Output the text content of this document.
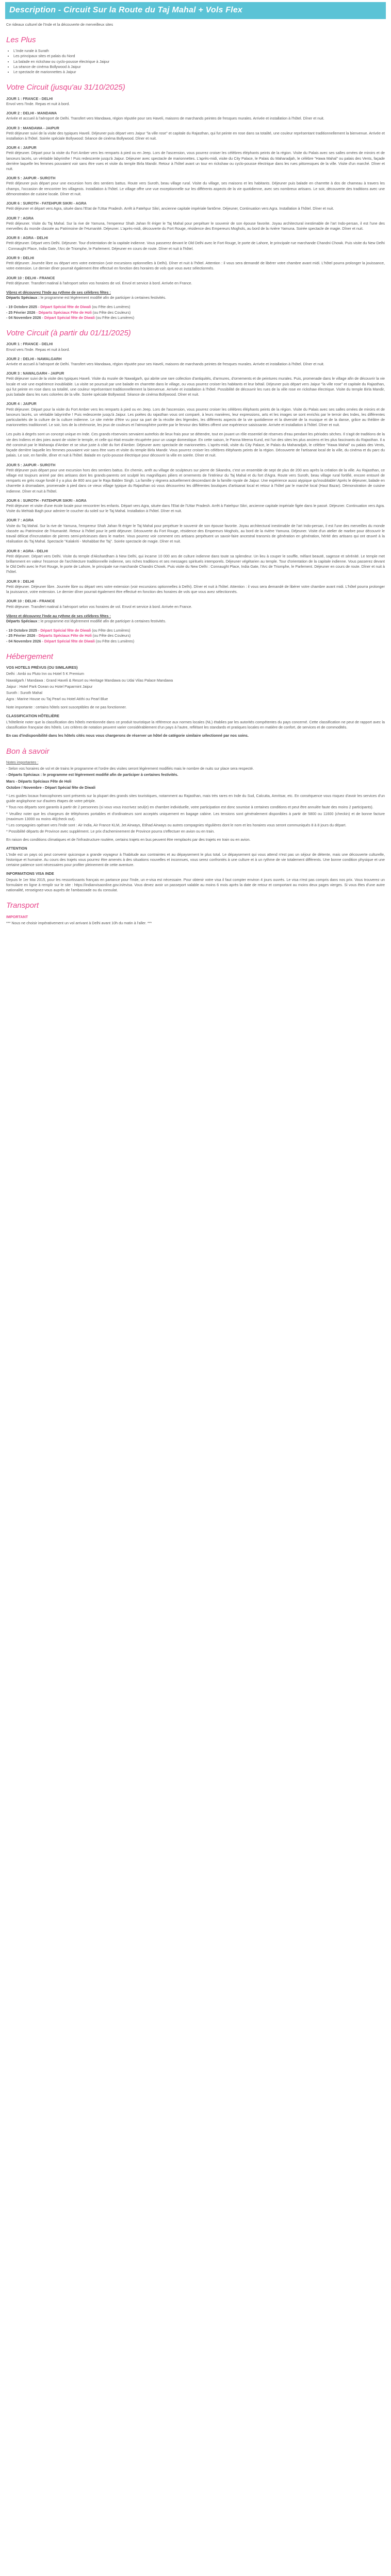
Description - Circuit Sur la Route du Taj Mahal + Vols Flex
Ce rideaux culturel de l'Inde et la découverte de merveilleux sites
Les Plus
• L'Inde rurale à Surath
• Les principaux sites et palais du Nord
• La balade en rickshaw ou cyclo-pousse électrique à Jaipur
• La séance de cinéma Bollywood à Jaipur
• Le spectacle de marionnettes à Jaipur
Votre Circuit (jusqu'au 31/10/2025)
JOUR 1 : FRANCE - DELHI
Envol vers l'Inde. Repas et nuit à bord.
JOUR 2 : DELHI - MANDAWA
Arrivée et accueil à l'aéroport de Delhi. Transfert vers Mandawa, région réputée pour ses Haveli, maisons de marchands peintes de fresques murales. Arrivée et installation à l'hôtel. Dîner et nuit.
JOUR 3 : MANDAWA - JAIPUR
Petit déjeuner suivi de la visite des typiques Haveli. Déjeuner puis départ vers Jaipur "la ville rose" et capitale du Rajasthan, qui fut peinte en rose dans sa totalité, une couleur représentant traditionnellement la bienvenue. Arrivée et installation à l'hôtel. Soirée spéciale Bollywood: Séance de cinéma Bollywood. Dîner et nuit.
JOUR 4 : JAIPUR
Petit déjeuner. Départ pour la visite du Fort Amber vers les remparts à pied ou en Jeep. Lors de l'ascension, vous pourrez croiser les célèbres éléphants peints de la région. Visite du Palais avec ses salles ornées de miroirs et de lanceurs lacrés, un véritable labyrinthe ! Puis redescente jusqu'à Jaipur. Déjeuner avec spectacle de marionnettes. L'après-midi, visite du City Palace, le Palais du Maharadjah, le célèbre "Hawa Mahal" ou palais des Vents, façade derrière laquelle les femmes pouvaient voir sans être vues et visite du temple Birla Mandir. Retour à l'hôtel avant un tour en rickshaw ou cyclo-pousse électrique dans les rues pittoresques de la ville. Visite d'un marché. Dîner et nuit.
JOUR 5 : JAIPUR - SUROTH
Petit déjeuner puis départ pour une excursion hors des sentiers battus. Route vers Suroth, beau village rural. Visite du village, ses maisons et les habitants. Déjeuner puis balade en charrette à dos de chameau à travers les champs, l'occasion de rencontrer les villageois. Installation à l'hôtel. Le village offre une vue exceptionnelle sur les différents aspects de la vie quotidienne, avec ses nombreux artisans. Le soir, découverte des traditions avec une démonstration de cuisine locale. Dîner et nuit.
JOUR 6 : SUROTH - FATEHPUR SIKRI - AGRA
Petit déjeuner et départ vers Agra, située dans l'Etat de l'Uttar Pradesh. Arrêt à Fatehpur Sikri, ancienne capitale impériale fantôme. Déjeuner, Continuation vers Agra. Installation à l'hôtel. Dîner et nuit.
JOUR 7 : AGRA
Petit déjeuner. Visite du Taj Mahal. Sur la rive de Yamuna, l'empereur Shah Jahan fit ériger le Taj Mahal pour perpétuer le souvenir de son épouse favorite. Joyau architectural inestimable de l'art Indo-persan, il est l'une des merveilles du monde classée au Patrimoine de l'Humanité. Déjeuner. L'après-midi, découverte du Fort Rouge, résidence des Empereurs Moghols, au bord de la rivière Yamuna. Soirée spectacle de magie. Dîner et nuit.
JOUR 8 : AGRA - DELHI
Petit déjeuner. Départ vers Delhi. Déjeuner. Tour d'orientation de la capitale indienne. Vous passerez devant le Old Delhi avec le Fort Rouge, le porte de Lahore, le principale rue marchande Chandni Chowk. Puis visite du New Delhi : Connaught Place, India Gate, l'Arc de Triomphe, le Parlement. Déjeuner en cours de route. Dîner et nuit à l'hôtel.
JOUR 9 : DELHI
Petit déjeuner. Journée libre ou départ vers votre extension (voir excursions optionnelles à Delhi). Dîner et nuit à l'hôtel. Attention : il vous sera demandé de libérer votre chambre avant midi. L'hôtel pourra prolonger la jouissance, votre extension. Le dernier dîner pourrait également être effectué en fonction des horaires de vols que vous avez sélectionnés.
JOUR 10 : DELHI - FRANCE
Petit déjeuner. Transfert matinal à l'aéroport selon vos horaires de vol. Envol et service à bord. Arrivée en France.
Vibrez et découvrez l'Inde au rythme de ses célèbres fêtes :
Départs Spéciaux : le programme est légèrement modifié afin de participer à certaines festivités.
- 19 Octobre 2025 - Départ Spécial fête de Diwali (ou Fête des Lumières)
- 25 Février 2026 - Départs Spéciaux Fête de Holi (ou Fête des Couleurs)
- 04 Novembre 2026 - Départ Spécial fête de Diwali (ou Fête des Lumières)
Votre Circuit (à partir du 01/11/2025)
JOUR 1 : FRANCE - DELHI
Envol vers l'Inde. Repas et nuit à bord.
JOUR 2 : DELHI - NAWALGARH
Arrivée et accueil à l'aéroport de Delhi. Transfert vers Mandawa, région réputée pour ses Haveli, maisons de marchands peintes de fresques murales. Arrivée et installation à l'hôtel. Dîner et nuit.
JOUR 3 : NAWALGARH - JAIPUR
Petit déjeuner suivi de la visite des typiques Haveli. Visite du musée de Nawalgarh, qui abrite une rare collection d'antiquités, d'armures, d'ornements et de peintures murales. Puis, promenade dans le village afin de découvrir la vie locale et voir une expérience inoubliable. La visite se poursuit par une balade en charrette dans le village, ou vous pourrez croiser les habitants et leur bétail. Déjeuner puis départ vers Jaipur "la ville rose" et capitale du Rajasthan, qui fut peinte en rose dans sa totalité, une couleur représentant traditionnellement la bienvenue. Arrivée et installation à l'hôtel. Possibilité de découvrir les rues de la ville rose en rickshaw électrique. Visite du temple Birla Mandir, puis balade dans les rues colorées de la ville. Soirée spéciale Bollywood: Séance de cinéma Bollywood. Dîner et nuit.
JOUR 4 : JAIPUR
Petit déjeuner. Départ pour la visite du Fort Amber vers les remparts à pied ou en Jeep. Lors de l'ascension, vous pourrez croiser les célèbres éléphants peints de la région. Visite du Palais avec ses salles ornées de miroirs et de lanceurs lacrés, un véritable labyrinthe ! Puis redescente jusqu'à Jaipur. Les poètes du rajasthan vous ont comparé, à leurs manières, leur expressions, arts et les images se sont enrichis par le terroir des Indes, les différentes particularités de la culture de la culture indienne. Le site mérite d'être vu pour sa part de la récolte des légendes, les différents aspects de la vie quotidienne et la diversité de la musique et de la danse, grâce au théâtre de marionnettes traditionnel. Le soir, lors de la cérémonie, les jeux de couleurs et l'atmosphère portée par le fervour des fidèles offrent une expérience saisissante. Arrivée et installation à l'hôtel. Dîner et nuit.
Les puits à degrés sont un concept unique en Inde. Ces grands réservoirs servaient autrefois de lieux frais pour se détendre, tout en jouant un rôle essentiel de réserves d'eau pendant les périodes sèches. Il s'agit de traditions de la vie des Indiens et des joies avant de visiter le temple, et celle qui était ensuite récupérée pour un usage domestique. En cette saison, le Panna Meena Kund, est l'un des sites les plus anciens et les plus fascinants du Rajasthan. Il a été construit par le Maharaja d'Amber et se situe juste à côté du fort d'Amber. Déjeuner avec spectacle de marionnettes. L'après-midi, visite du City Palace, le Palais du Maharadjah, le célèbre "Hawa Mahal" ou palais des Vents, façade derrière laquelle les femmes pouvaient voir sans être vues et visite du temple Birla Mandir. Vous pourrez croiser les célèbres éléphants peints de la région. Découverte de l'artisanat local de la ville, du cinéma et du parc du palais. Le soir, en famille, dîner et nuit à l'hôtel. Balade en cyclo-pousse électrique pour découvrir la ville en soirée. Dîner et nuit.
JOUR 5 : JAIPUR - SUROTH
Petit déjeuner puis départ pour une excursion hors des sentiers battus. En chemin, arrêt au village de sculpteurs sur pierre de Sikandra, c'est un ensemble de sept de plus de 200 ans après la création de la ville. Au Rajasthan, ce village est toujours animé par des artisans dont les grands-parents ont sculpté les magnifiques piliers et ornements de l'intérieur du Taj Mahal et du fort d'Agra. Route vers Suroth, beau village rural fortifié, encore entouré de remparts en grès rouge fondé il y a plus de 800 ans par le Raja Baldev Singh. La famille y règnera actuellement descendant de la famille royale de Jaipur. Une expérience aussi atypique qu'inoubliable! Après le déjeuner, balade en charrette à dromadaire, promenade à pied dans ce vieux village typique du Rajasthan où vous découvrirez les différentes boutiques d'artisanat local et retour à l'hôtel par le marché local (Haut Bazar). Démonstration de cuisine indienne. Dîner et nuit à l'hôtel.
JOUR 6 : SUROTH - FATEHPUR SIKRI - AGRA
Petit déjeuner et visite d'une école locale pour rencontrer les enfants. Départ vers Agra, située dans l'Etat de l'Uttar Pradesh. Arrêt à Fatehpur Sikri, ancienne capitale impériale figée dans le passé. Déjeuner. Continuation vers Agra. Visite du Mehtab Bagh pour admirer le coucher du soleil sur le Taj Mahal. Installation à l'hôtel. Dîner et nuit.
JOUR 7 : AGRA
Visite du Taj Mahal. Sur la rive de Yamuna, l'empereur Shah Jahan fit ériger le Taj Mahal pour perpétuer le souvenir de son épouse favorite. Joyau architectural inestimable de l'art Indo-persan, il est l'une des merveilles du monde classée au Patrimoine de l'Humanité. Retour à l'hôtel pour le petit déjeuner. Découverte du Fort Rouge, résidence des Empereurs Moghols, au bord de la rivière Yamuna. Déjeuner. Visite d'un atelier de marbre pour découvrir le travail délicat d'incrustation de pierres semi-précieuses dans le marbre. Vous pourrez voir comment ces artisans perpétuent un savoir-faire ancestral transmis de génération en génération, hérité des artisans qui ont œuvré à la réalisation du Taj Mahal. Spectacle "Kalakriti - Mohabbat the Taj". Soirée spectacle de magie. Dîner et nuit.
JOUR 8 : AGRA - DELHI
Petit déjeuner. Départ vers Delhi. Visite du temple d'Akshardham à New Delhi, qui incarne 10 000 ans de culture indienne dans toute sa splendeur. Un lieu à couper le souffle, mêlant beauté, sagesse et sérénité. Le temple met brillamment en valeur l'essence de l'architecture traditionnelle indienne, ses riches traditions et ses messages spirituels intemporels. Déjeuner végétarien au temple. Tour d'orientation de la capitale indienne. Vous passerez devant le Old Delhi avec le Fort Rouge, le porte de Lahore, le principale rue marchande Chandni Chowk. Puis visite du New Delhi : Connaught Place, India Gate, l'Arc de Triomphe, le Parlement. Déjeuner en cours de route. Dîner et nuit à l'hôtel.
JOUR 9 : DELHI
Petit déjeuner. Déjeuner libre. Journée libre ou départ vers votre extension (voir excursions optionnelles à Delhi). Dîner et nuit à l'hôtel. Attention : il vous sera demandé de libérer votre chambre avant midi. L'hôtel pourra prolonger la jouissance, votre extension. Le dernier dîner pourrait également être effectué en fonction des horaires de vols que vous avez sélectionnés.
JOUR 10 : DELHI - FRANCE
Petit déjeuner. Transfert matinal à l'aéroport selon vos horaires de vol. Envol et service à bord. Arrivée en France.
Vibrez et découvrez l'Inde au rythme de ses célèbres fêtes :
Départs Spéciaux : le programme est légèrement modifié afin de participer à certaines festivités.
- 19 Octobre 2025 - Départ Spécial fête de Diwali (ou Fête des Lumières)
- 25 Février 2026 - Départs Spéciaux Fête de Holi (ou Fête des Couleurs)
- 04 Novembre 2026 - Départ Spécial fête de Diwali (ou Fête des Lumières)
Hébergement

VOS HOTELS PRÉVUS (OU SIMILAIRES)

Delhi : Ambi ou Pluto Inn ou Hotel 5 K Premium

Nawalgarh / Mandawa : Grand Haveli & Resort ou Heritage Mandawa ou Udai Vilas Palace Mandawa

Jaipur : Hotel Park Ocean ou Hotel Paparmint Jaipur

Suroth : Suroth Mahal

Agra : Marine House ou Taj Pearl ou Hotel Atithi ou Pearl Blue

Note importante : certains hôtels sont susceptibles de ne pas fonctionner.

CLASSIFICATION HÔTELIÈRE

L'hôtellerie noter que la classification des hôtels mentionnée dans ce produit touristique la référence aux normes locales (NL) établies par les autorités compétentes du pays concerné. Cette classification ne peut de rapport avec la classification française des hôtels. Les critères de notation peuvent varier considérablement d'un pays à l'autre, reflétant les standards et pratiques locales en matière de confort, de services et de commodités.

En cas d'indisponibilité dans les hôtels cités nous vous chargerons de réserver un hôtel de catégorie similaire sélectionné par nos soins.

Bon à savoir

Notes importantes :

- Selon vos horaires de vol et de trains le programme et l'ordre des visites seront légèrement modifiés mais le nombre de nuits sur place sera respecté.

- Départs Spéciaux : le programme est légèrement modifié afin de participer à certaines festivités.

Mars - Départs Spéciaux Fête de Holi

Octobre / Novembre - Départ Spécial fête de Diwali

* Les guides locaux francophones sont présents sur la plupart des grands sites touristiques, notamment au Rajasthan, mais très rares en Inde du Sud, Calcutta, Amritsar, etc. En conséquence vous risquez d'avoir les services d'un guide anglophone sur d'autres étapes de votre périple.

* Tous nos départs sont garantis à partir de 2 personnes (si vous vous inscrivez seul(e) en chambre individuelle, votre participation est donc soumise à certaines conditions et peut être annulée faute des moins 2 participants).

* Veuillez noter que les chargeurs de téléphones portables et d'ordinateurs sont acceptés uniquement en bagage cabine. Les tensions sont généralement disponibles à partir de 5800 ou 11600 (checkin) et de bonne facture (maximum 13000 ou moins 46(check out).

* Les compagnies opérant vers l'Inde sont : Air India, Air France KLM, Jet Airways, Etihad Airways ou autres compagnies régulières dont le nom et les horaires vous seront communiqués 8 à 8 jours du départ.

* Possibilité départs de Province avec supplément. Le prix d'acheminement de Province pourra s'effectuer en avion ou en train.

En raison des conditions climatiques et de l'infrastructure routière, certains trajets en bus peuvent être remplacés par des trajets en train ou en avion.

ATTENTION

L'Inde est un pays où peut convenir quiconque a grande voyageur à l'habitude aux contraintes et au dépaysement le plus total. Le dépaysement qui vous attend n'est pas un séjour de détente, mais une découverte culturelle, historique et humaine. Au cours des trajets vous pourrez être amenés à des situations nouvelles et inconnues, vous serez confrontés à une culture et à un rythme de vie totalement différents. Une bonne condition physique et une certaine patience sont nécessaires pour profiter pleinement de cette aventure.

INFORMATIONS VISA INDE

Depuis le 1er Mai 2015, pour les ressortissants français en partance pour l'Inde, un e-visa est nécessaire. Pour obtenir votre visa il faut compter environ 4 jours ouvrés. Le visa n'est pas compris dans nos prix. Vous trouverez un formulaire en ligne à remplir sur le site : https://indianvisaonline.gov.in/evisa. Vous devez avoir un passeport valable au moins 6 mois après la date de retour et comportant au moins deux pages vierges. Si vous êtes d'une autre nationalité, renseignez-vous auprès de l'ambassade ou du consulat.

Transport

IMPORTANT

*** Nous ne choisir impérativement un vol arrivant à Delhi avant 10h du matin à l'aller. ***
